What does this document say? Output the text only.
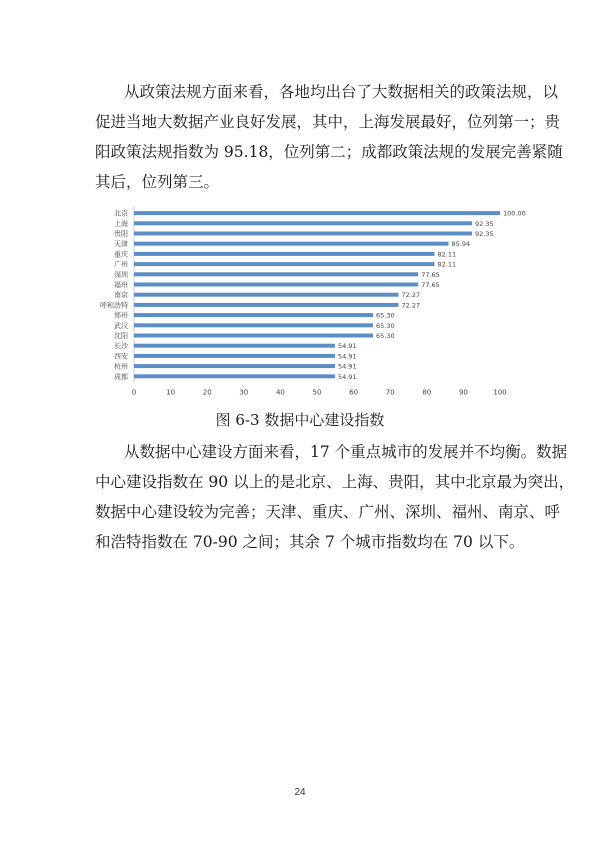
从政策法规方面来看，各地均出台了大数据相关的政策法规，以
促进当地大数据产业良好发展，其中，上海发展最好，位列第一；贵
阳政策法规指数为 95.18，位列第二；成都政策法规的发展完善紧随
其后，位列第三。
北京	100.00
上海	92.35
贵阳	92.35
天津	85.94
重庆	82.11
广州	82.11
深圳	77.65
福州	77.65
南京	72.27
呼和浩特	72.27
郑州	65.30
武汉	65.30
沈阳	65.30
长沙	54.91
西安	54.91
杭州	54.91
成都	54.91
0	10	20	30	40	50	60	70	80	90	100
图 6-3 数据中心建设指数
从数据中心建设方面来看，17 个重点城市的发展并不均衡。数据
中心建设指数在 90 以上的是北京、上海、贵阳，其中北京最为突出，
数据中心建设较为完善；天津、重庆、广州、深圳、福州、南京、呼
和浩特指数在 70-90 之间；其余 7 个城市指数均在 70 以下。
24
